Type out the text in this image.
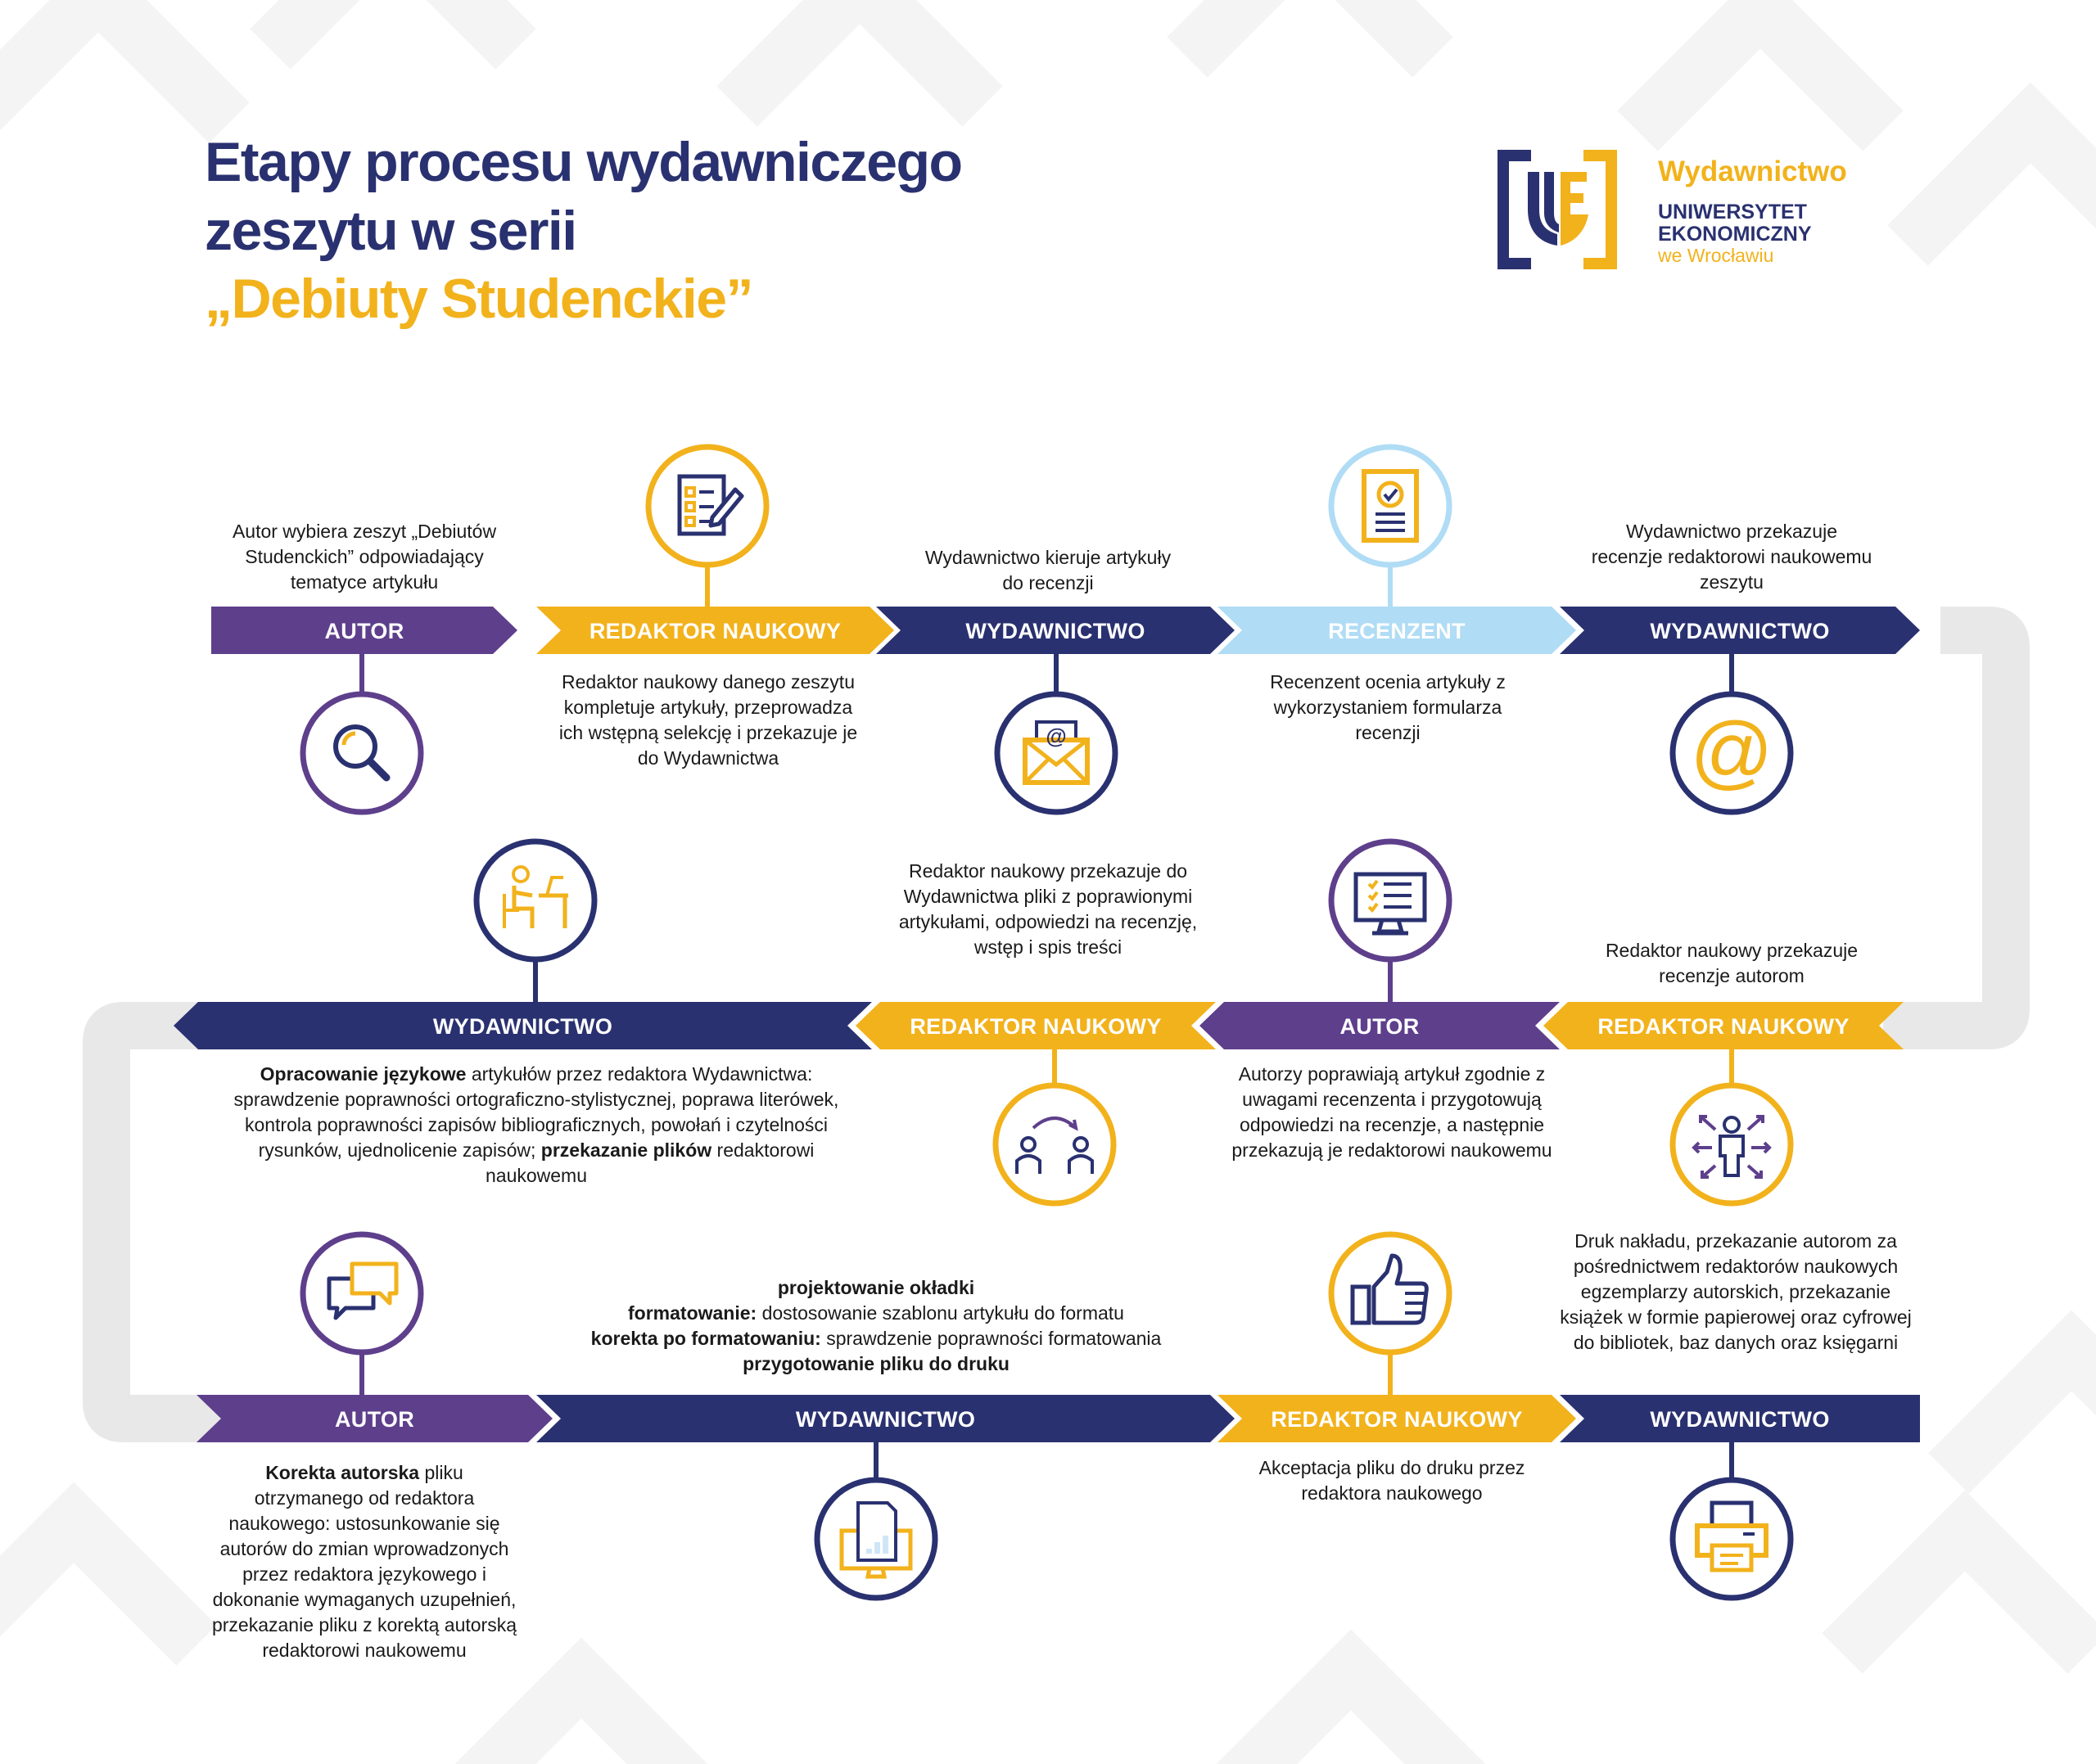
Etapy procesu wydawniczego
zeszytu w serii
„Debiuty Studenckie”
Wydawnictwo
UNIWERSYTET
EKONOMICZNY
we Wrocławiu
AUTOR	REDAKTOR NAUKOWY	WYDAWNICTWO	RECENZENT	WYDAWNICTWO
REDAKTOR NAUKOWY
AUTOR
REDAKTOR NAUKOWY
WYDAWNICTWO
AUTOR	WYDAWNICTWO	REDAKTOR NAUKOWY	WYDAWNICTWO
@	@
Autor wybiera zeszyt „Debiutów Studenckich” odpowiadający tematyce artykułu
Redaktor naukowy danego zeszytu kompletuje artykuły, przeprowadza ich wstępną selekcję i przekazuje je do Wydawnictwa
Wydawnictwo kieruje artykuły do recenzji
Recenzent ocenia artykuły z wykorzystaniem formularza recenzji
Wydawnictwo przekazuje recenzje redaktorowi naukowemu zeszytu
Redaktor naukowy przekazuje recenzje autorom
Autorzy poprawiają artykuł zgodnie z uwagami recenzenta i przygotowują odpowiedzi na recenzje, a następnie przekazują je redaktorowi naukowemu
Redaktor naukowy przekazuje do Wydawnictwa pliki z poprawionymi artykułami, odpowiedzi na recenzję, wstęp i spis treści
Opracowanie językowe artykułów przez redaktora Wydawnictwa: sprawdzenie poprawności ortograficzno-stylistycznej, poprawa literówek, kontrola poprawności zapisów bibliograficznych, powołań i czytelności rysunków, ujednolicenie zapisów; przekazanie plików redaktorowi naukowemu
Korekta autorska pliku otrzymanego od redaktora naukowego: ustosunkowanie się autorów do zmian wprowadzonych przez redaktora językowego i dokonanie wymaganych uzupełnień, przekazanie pliku z korektą autorską redaktorowi naukowemu
projektowanie okładki
formatowanie: dostosowanie szablonu artykułu do formatu
korekta po formatowaniu: sprawdzenie poprawności formatowania
przygotowanie pliku do druku
Akceptacja pliku do druku przez redaktora naukowego
Druk nakładu, przekazanie autorom za pośrednictwem redaktorów naukowych egzemplarzy autorskich, przekazanie książek w formie papierowej oraz cyfrowej do bibliotek, baz danych oraz księgarni
